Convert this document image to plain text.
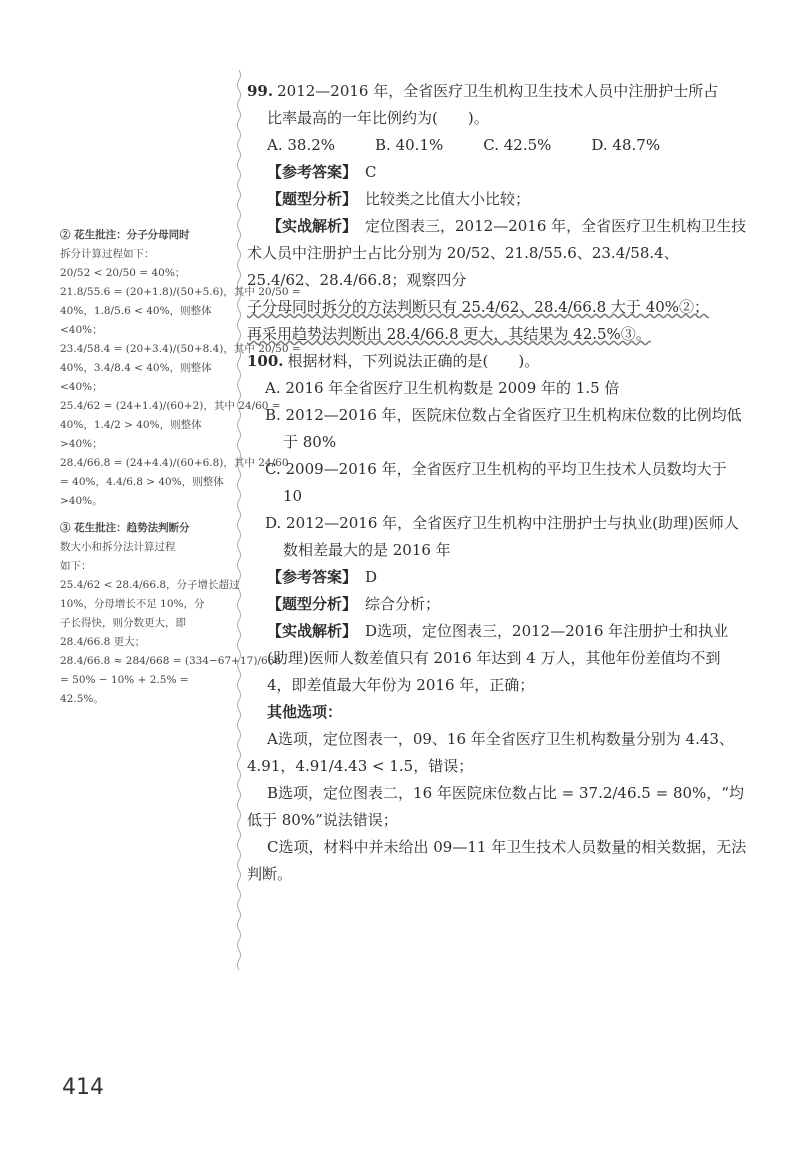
② 花生批注：分子分母同时
拆分计算过程如下：
20/52 < 20/50 = 40%；
21.8/55.6 = (20+1.8)/(50+5.6)，其中 20/50 =
40%，1.8/5.6 < 40%，则整体
<40%；
23.4/58.4 = (20+3.4)/(50+8.4)，其中 20/50 =
40%，3.4/8.4 < 40%，则整体
<40%；
25.4/62 = (24+1.4)/(60+2)，其中 24/60 =
40%，1.4/2 > 40%，则整体
>40%；
28.4/66.8 = (24+4.4)/(60+6.8)，其中 24/60
= 40%，4.4/6.8 > 40%，则整体
>40%。
③ 花生批注：趋势法判断分
数大小和拆分法计算过程
如下：
25.4/62 < 28.4/66.8，分子增长超过
10%，分母增长不足 10%，分
子长得快，则分数更大，即
28.4/66.8 更大；
28.4/66.8 ≈ 284/668 = (334−67+17)/668
= 50% − 10% + 2.5% =
42.5%。
99. 2012—2016 年，全省医疗卫生机构卫生技术人员中注册护士所占
比率最高的一年比例约为(　　)。
A. 38.2%	B. 40.1%	C. 42.5%	D. 48.7%
【参考答案】 C
【题型分析】 比较类之比值大小比较；
【实战解析】 定位图表三，2012—2016 年，全省医疗卫生机构卫生技
术人员中注册护士占比分别为 20/52、21.8/55.6、23.4/58.4、25.4/62、28.4/66.8；观察四分
子分母同时拆分的方法判断只有 25.4/62、28.4/66.8 大于 40%②；
再采用趋势法判断出 28.4/66.8 更大，其结果为 42.5%③。
100. 根据材料，下列说法正确的是(　　)。
A. 2016 年全省医疗卫生机构数是 2009 年的 1.5 倍
B. 2012—2016 年，医院床位数占全省医疗卫生机构床位数的比例均低于 80%
C. 2009—2016 年，全省医疗卫生机构的平均卫生技术人员数均大于 10
D. 2012—2016 年，全省医疗卫生机构中注册护士与执业(助理)医师人数相差最大的是 2016 年
【参考答案】 D
【题型分析】 综合分析；
【实战解析】 D选项，定位图表三，2012—2016 年注册护士和执业(助理)医师人数差值只有 2016 年达到 4 万人，其他年份差值均不到 4，即差值最大年份为 2016 年，正确；
其他选项：
A选项，定位图表一，09、16 年全省医疗卫生机构数量分别为 4.43、4.91，4.91/4.43 < 1.5，错误；
B选项，定位图表二，16 年医院床位数占比 = 37.2/46.5 = 80%，“均低于 80%”说法错误；
C选项，材料中并未给出 09—11 年卫生技术人员数量的相关数据，无法判断。
414
